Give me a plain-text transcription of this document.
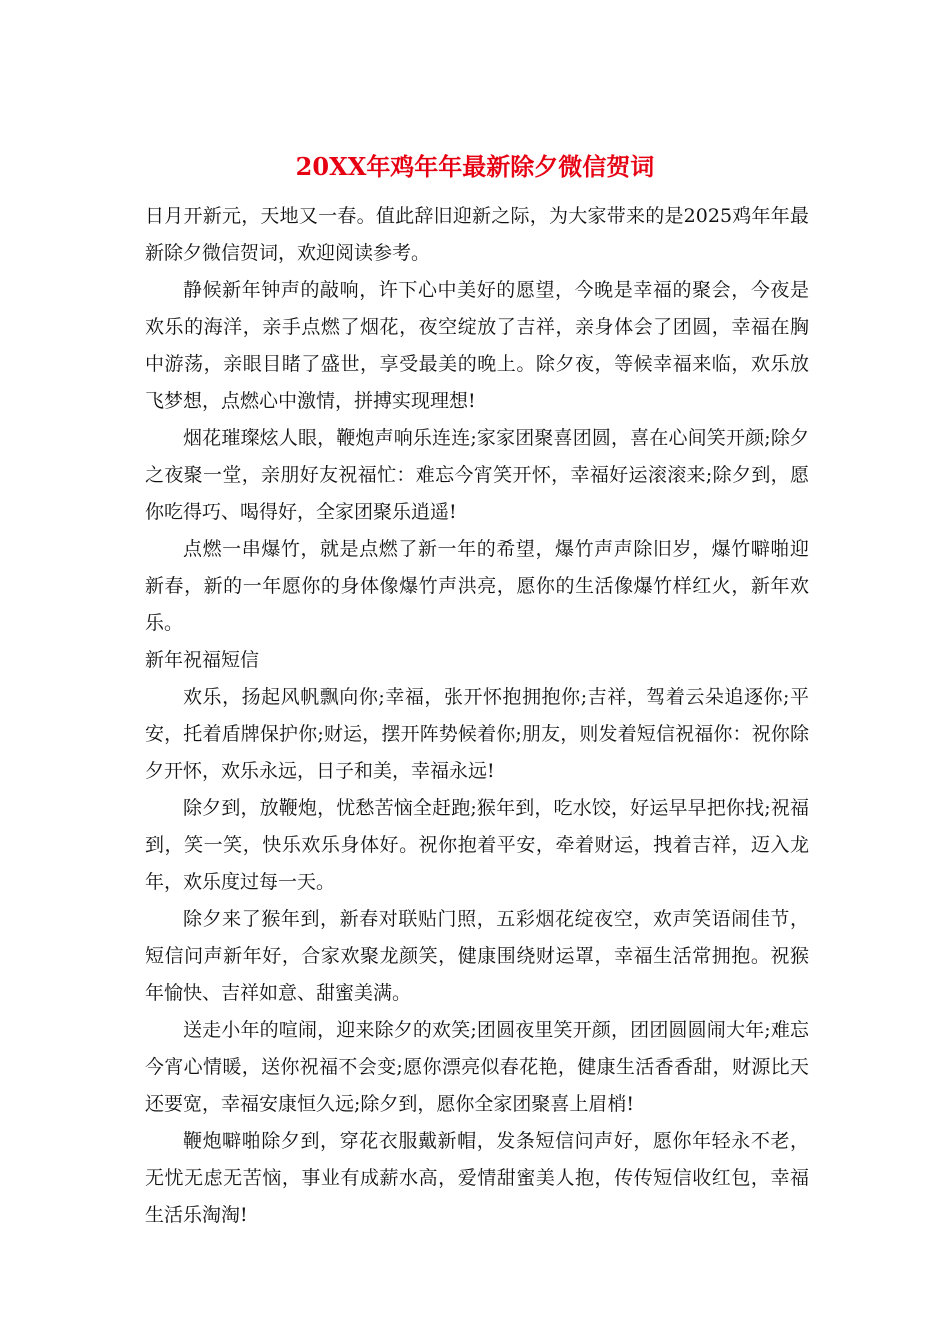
20XX年鸡年年最新除夕微信贺词

日月开新元，天地又一春。值此辞旧迎新之际，为大家带来的是2025鸡年年最新除夕微信贺词，欢迎阅读参考。

静候新年钟声的敲响，许下心中美好的愿望，今晚是幸福的聚会，今夜是欢乐的海洋，亲手点燃了烟花，夜空绽放了吉祥，亲身体会了团圆，幸福在胸中游荡，亲眼目睹了盛世，享受最美的晚上。除夕夜，等候幸福来临，欢乐放飞梦想，点燃心中激情，拼搏实现理想!

烟花璀璨炫人眼，鞭炮声响乐连连;家家团聚喜团圆，喜在心间笑开颜;除夕之夜聚一堂，亲朋好友祝福忙：难忘今宵笑开怀，幸福好运滚滚来;除夕到，愿你吃得巧、喝得好，全家团聚乐逍遥!

点燃一串爆竹，就是点燃了新一年的希望，爆竹声声除旧岁，爆竹噼啪迎新春，新的一年愿你的身体像爆竹声洪亮，愿你的生活像爆竹样红火，新年欢乐。

新年祝福短信

欢乐，扬起风帆飘向你;幸福，张开怀抱拥抱你;吉祥，驾着云朵追逐你;平安，托着盾牌保护你;财运，摆开阵势候着你;朋友，则发着短信祝福你：祝你除夕开怀，欢乐永远，日子和美，幸福永远!

除夕到，放鞭炮，忧愁苦恼全赶跑;猴年到，吃水饺，好运早早把你找;祝福到，笑一笑，快乐欢乐身体好。祝你抱着平安，牵着财运，拽着吉祥，迈入龙年，欢乐度过每一天。

除夕来了猴年到，新春对联贴门照，五彩烟花绽夜空，欢声笑语闹佳节，短信问声新年好，合家欢聚龙颜笑，健康围绕财运罩，幸福生活常拥抱。祝猴年愉快、吉祥如意、甜蜜美满。

送走小年的喧闹，迎来除夕的欢笑;团圆夜里笑开颜，团团圆圆闹大年;难忘今宵心情暖，送你祝福不会变;愿你漂亮似春花艳，健康生活香香甜，财源比天还要宽，幸福安康恒久远;除夕到，愿你全家团聚喜上眉梢!

鞭炮噼啪除夕到，穿花衣服戴新帽，发条短信问声好，愿你年轻永不老，无忧无虑无苦恼，事业有成薪水高，爱情甜蜜美人抱，传传短信收红包，幸福生活乐淘淘!
